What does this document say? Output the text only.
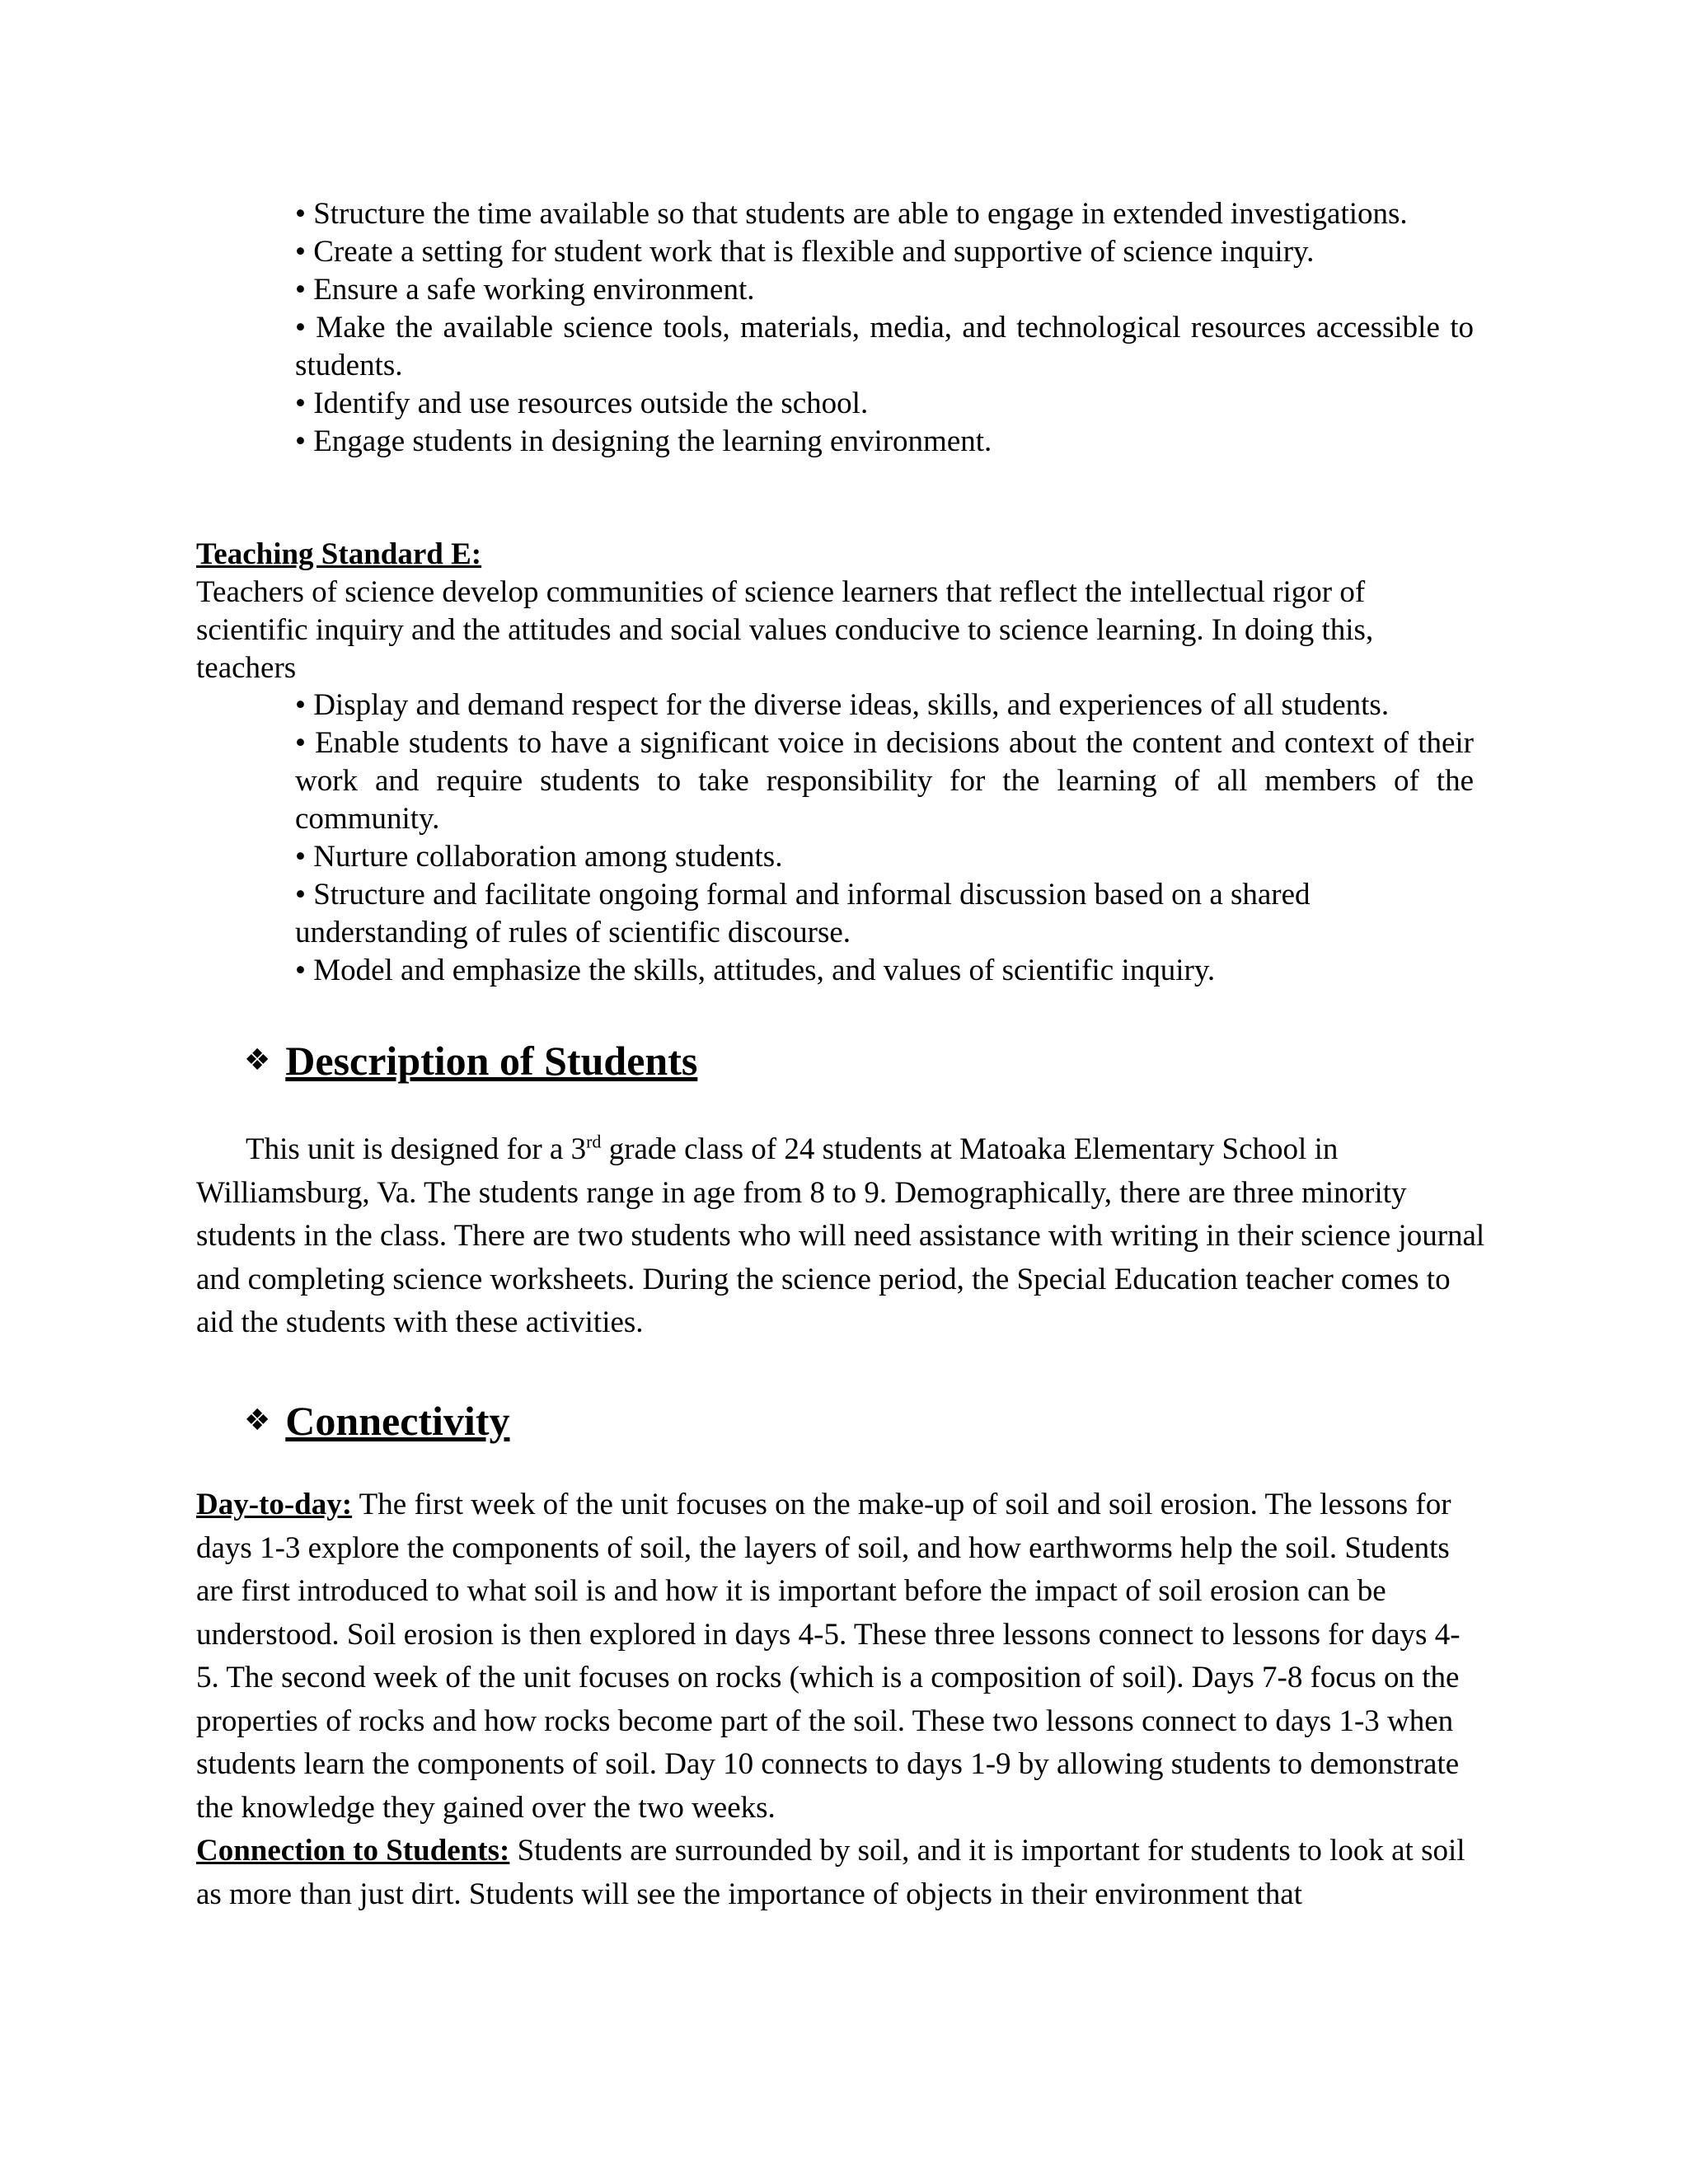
• Structure the time available so that students are able to engage in extended investigations.
• Create a setting for student work that is flexible and supportive of science inquiry.
• Ensure a safe working environment.
• Make the available science tools, materials, media, and technological resources accessible to students.
• Identify and use resources outside the school.
• Engage students in designing the learning environment.
Teaching Standard E:

Teachers of science develop communities of science learners that reflect the intellectual rigor of scientific inquiry and the attitudes and social values conducive to science learning. In doing this, teachers

• Display and demand respect for the diverse ideas, skills, and experiences of all students.
• Enable students to have a significant voice in decisions about the content and context of their work and require students to take responsibility for the learning of all members of the community.
• Nurture collaboration among students.
• Structure and facilitate ongoing formal and informal discussion based on a shared understanding of rules of scientific discourse.
• Model and emphasize the skills, attitudes, and values of scientific inquiry.
❖ Description of Students

This unit is designed for a 3rd grade class of 24 students at Matoaka Elementary School in Williamsburg, Va. The students range in age from 8 to 9. Demographically, there are three minority students in the class. There are two students who will need assistance with writing in their science journal and completing science worksheets. During the science period, the Special Education teacher comes to aid the students with these activities.

❖ Connectivity

Day-to-day: The first week of the unit focuses on the make-up of soil and soil erosion. The lessons for days 1-3 explore the components of soil, the layers of soil, and how earthworms help the soil. Students are first introduced to what soil is and how it is important before the impact of soil erosion can be understood. Soil erosion is then explored in days 4-5. These three lessons connect to lessons for days 4-5. The second week of the unit focuses on rocks (which is a composition of soil). Days 7-8 focus on the properties of rocks and how rocks become part of the soil. These two lessons connect to days 1-3 when students learn the components of soil. Day 10 connects to days 1-9 by allowing students to demonstrate the knowledge they gained over the two weeks.
Connection to Students: Students are surrounded by soil, and it is important for students to look at soil as more than just dirt. Students will see the importance of objects in their environment that
